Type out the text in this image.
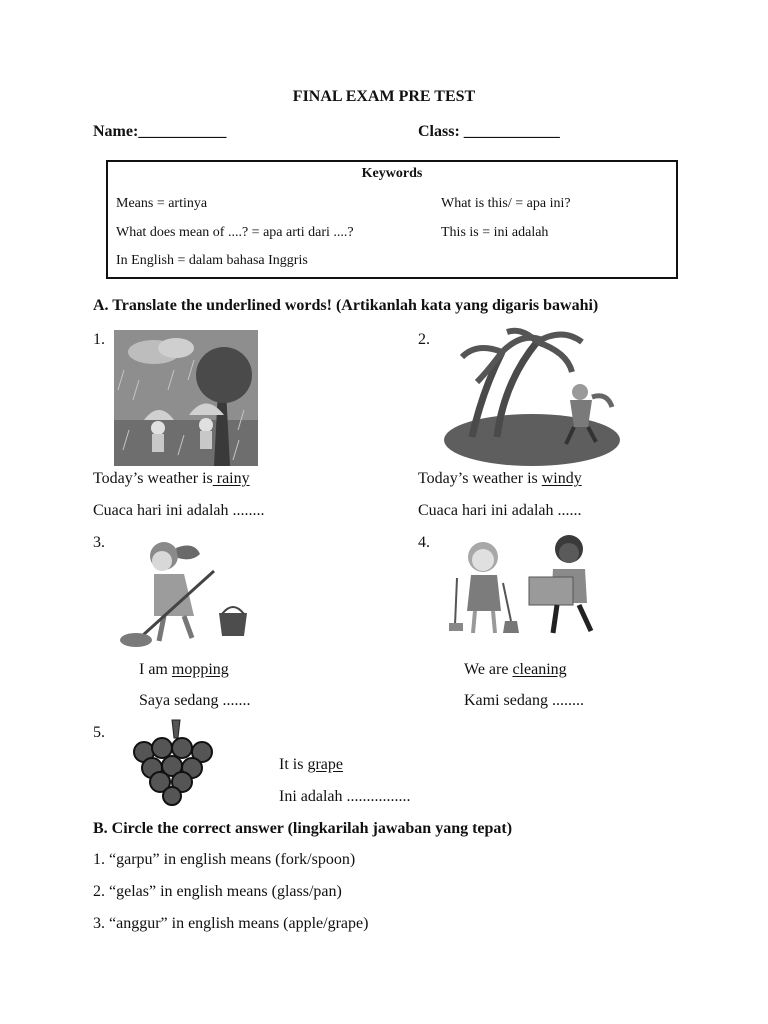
FINAL EXAM PRE TEST
Name:___________	Class: ____________
Keywords
Means = artinya	What is this/ = apa ini?
What does mean of ....? = apa arti dari ....?	This is = ini adalah
In English = dalam bahasa Inggris
A. Translate the underlined words! (Artikanlah kata yang digaris bawahi)
1.
Today’s weather is rainy
Cuaca hari ini adalah ........
2.
Today’s weather is windy
Cuaca hari ini adalah ......
3.
I am mopping
Saya sedang .......
4.
We are cleaning
Kami sedang ........
5.
It is grape
Ini adalah ................
B. Circle the correct answer (lingkarilah jawaban yang tepat)
1. “garpu” in english means (fork/spoon)
2. “gelas” in english means (glass/pan)
3. “anggur” in english means (apple/grape)
